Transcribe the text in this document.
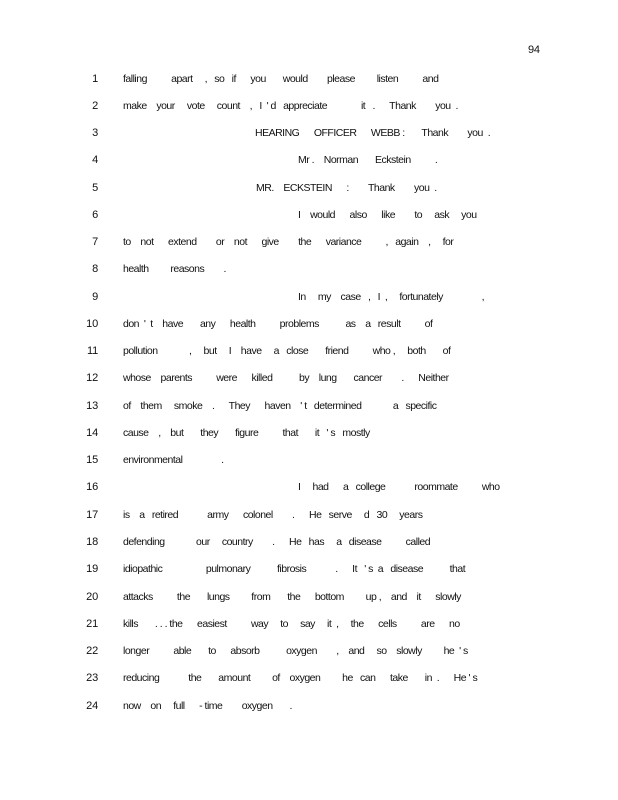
94
1 falling          apart     ,   so   if      you       would        please         listen          and
2 make    your     vote     count    ,   I  ' d   appreciate              it   .      Thank        you  .
3	HEARING      OFFICER      WEBB :       Thank        you  .
4	Mr .    Norman       Eckstein          .
5	MR.    ECKSTEIN      :        Thank        you  .
6	I    would      also      like        to     ask     you
7 to    not      extend        or    not      give        the      variance          ,   again    ,     for
8 health         reasons        .
9	In     my    case   ,   I  ,     fortunately                ,
10 don  '  t    have       any      health          problems           as    a   result          of
11 pollution             ,     but     I    have     a   close       friend          who ,     both       of
12 whose    parents          were      killed           by    lung       cancer        .      Neither
13 of    them     smoke    .      They      haven    ' t   determined             a   specific
14 cause    ,    but       they       figure          that       it   ' s   mostly
15 environmental                .
16	I     had      a   college            roommate          who
17 is    a   retired            army      colonel        .      He   serve     d   30     years
18 defending             our     country        .      He   has     a   disease          called
19 idiopathic                  pulmonary           fibrosis            .      It   ' s  a   disease           that
20 attacks          the       lungs         from       the      bottom         up ,    and    it      slowly
21 kills       . . . the      easiest          way     to     say     it  ,     the      cells          are      no
22 longer          able       to      absorb           oxygen        ,    and     so    slowly         he  ' s
23 reducing            the       amount         of    oxygen         he   can      take       in  .      He ' s
24 now    on     full      - time        oxygen       .
